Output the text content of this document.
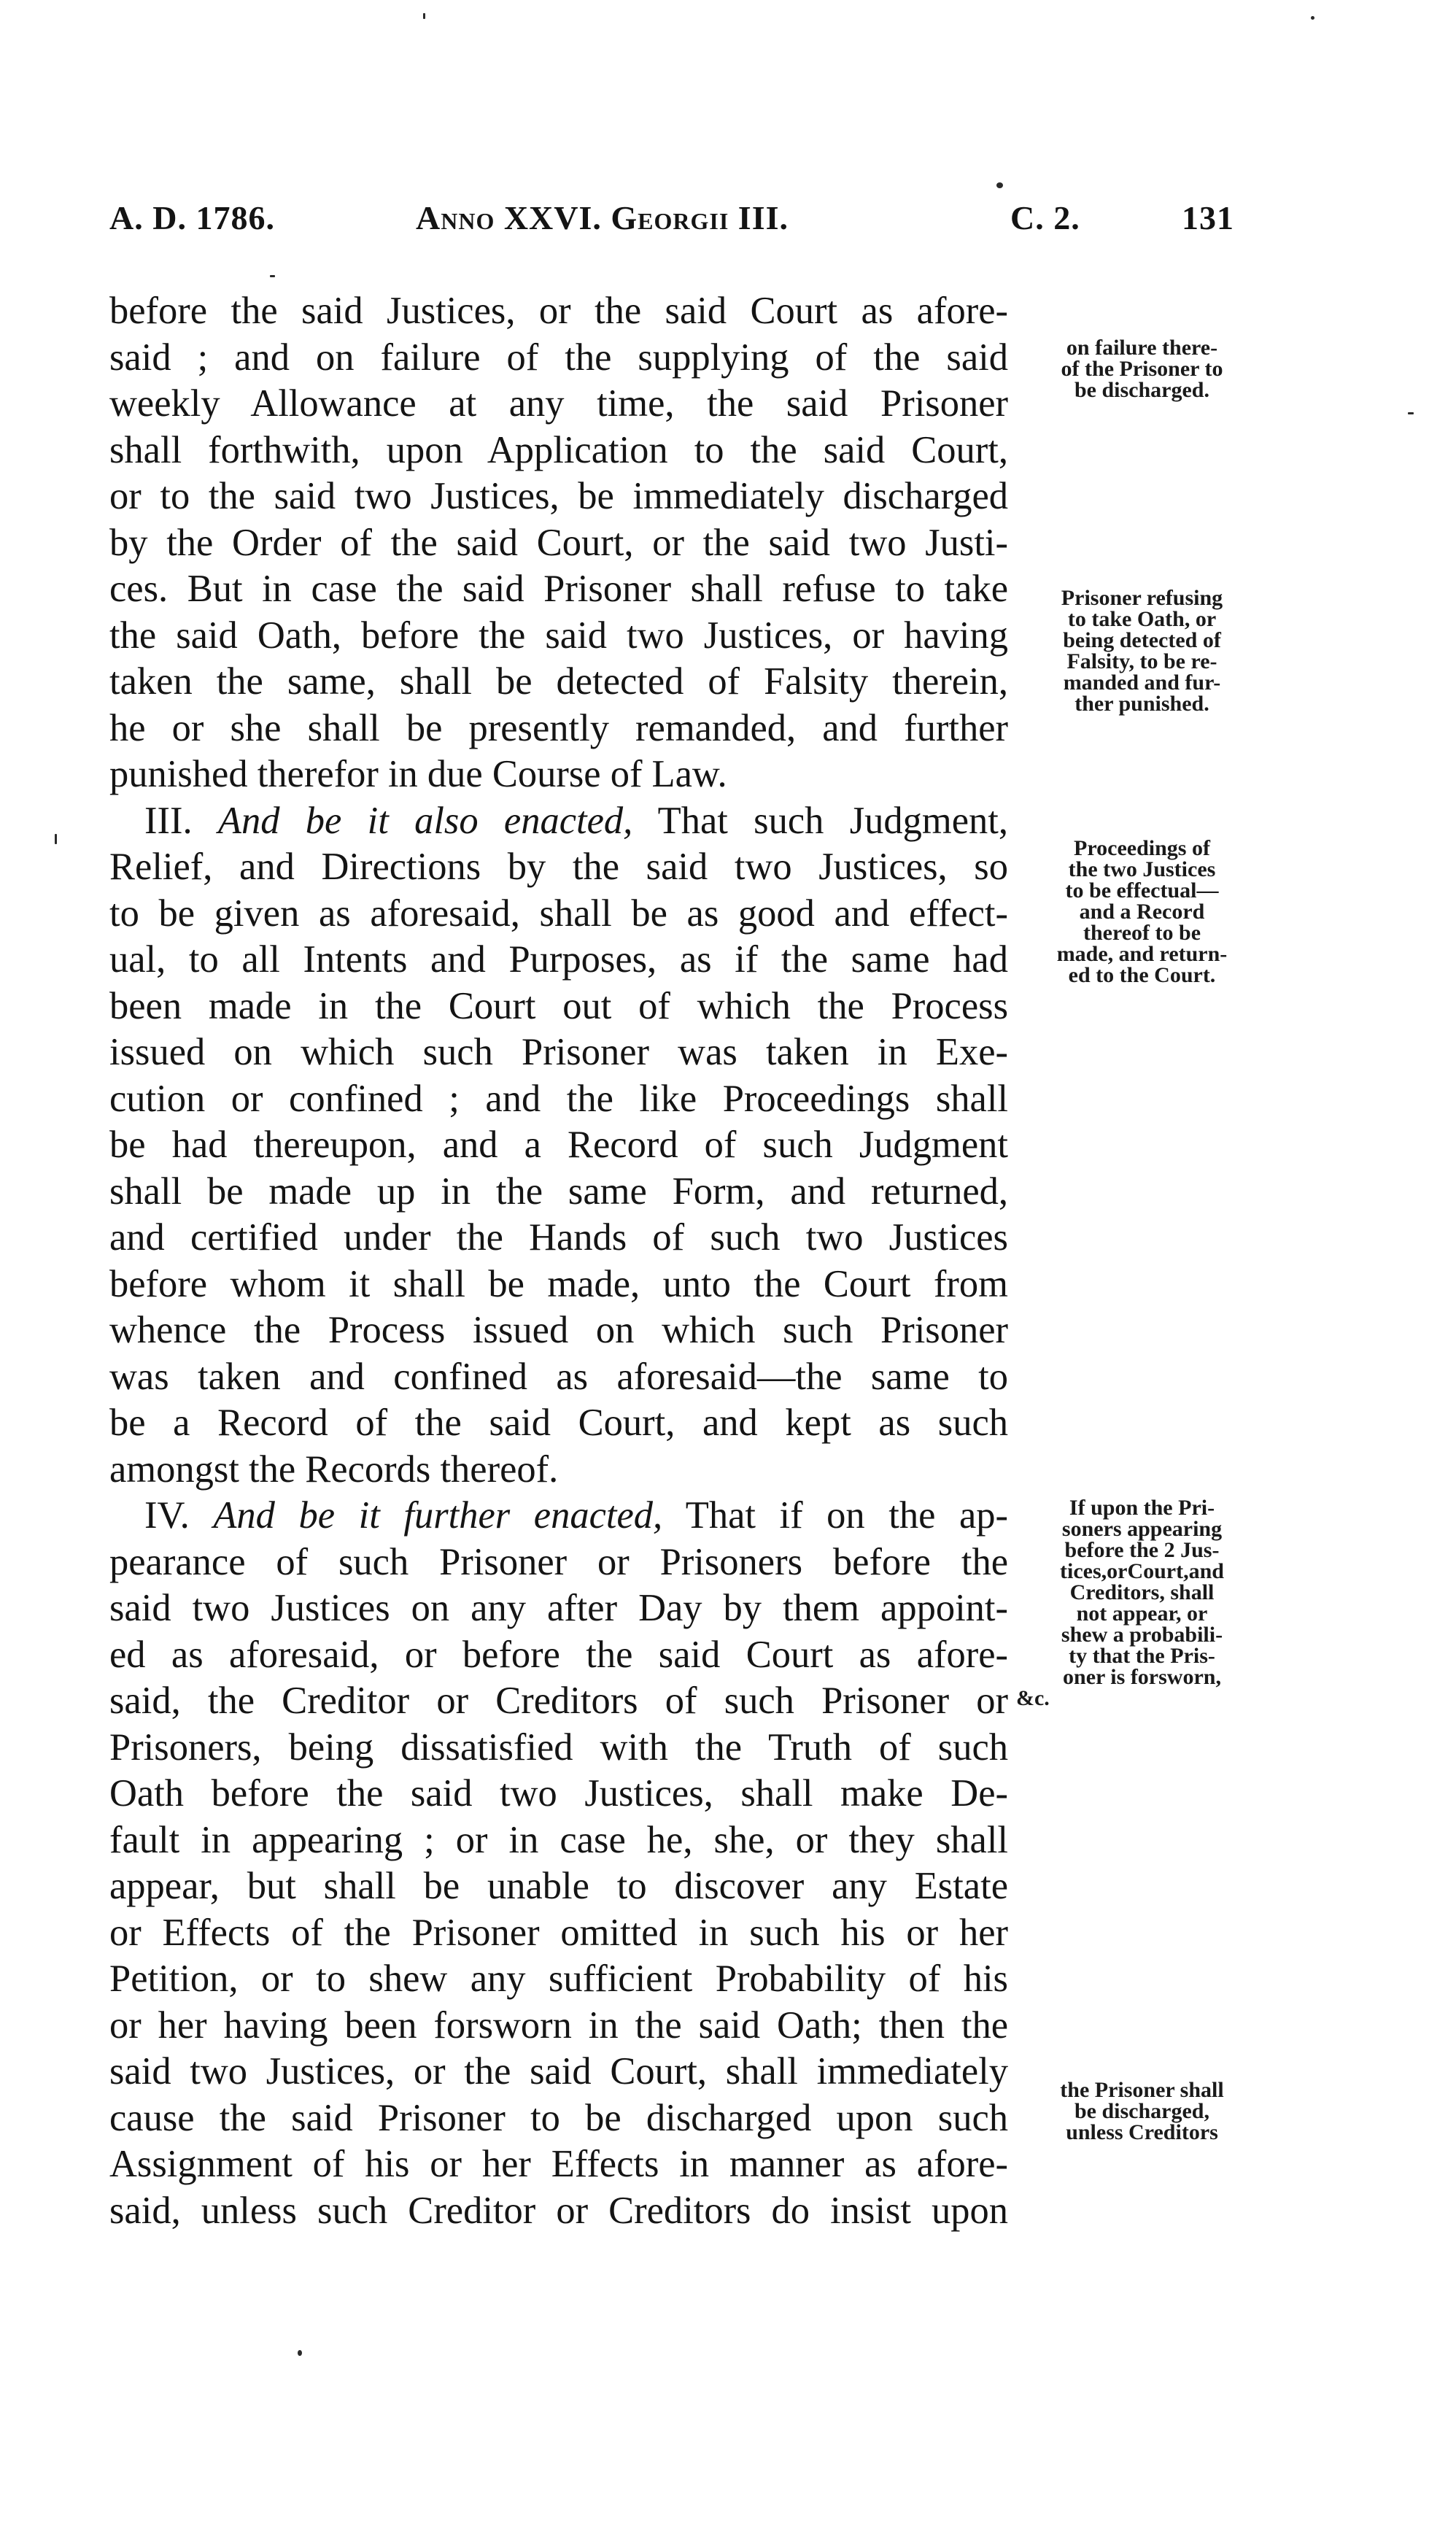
A. D. 1786.	Anno XXVI. Georgii III.	C. 2.	131
before the said Justices, or the said Court as afore-
said ; and on failure of the supplying of the said
weekly Allowance at any time, the said Prisoner
shall forthwith, upon Application to the said Court,
or to the said two Justices, be immediately discharged
by the Order of the said Court, or the said two Justi-
ces. But in case the said Prisoner shall refuse to take
the said Oath, before the said two Justices, or having
taken the same, shall be detected of Falsity therein,
he or she shall be presently remanded, and further
punished therefor in due Course of Law.
III. And be it also enacted, That such Judgment,
Relief, and Directions by the said two Justices, so
to be given as aforesaid, shall be as good and effect-
ual, to all Intents and Purposes, as if the same had
been made in the Court out of which the Process
issued on which such Prisoner was taken in Exe-
cution or confined ; and the like Proceedings shall
be had thereupon, and a Record of such Judgment
shall be made up in the same Form, and returned,
and certified under the Hands of such two Justices
before whom it shall be made, unto the Court from
whence the Process issued on which such Prisoner
was taken and confined as aforesaid—the same to
be a Record of the said Court, and kept as such
amongst the Records thereof.
IV. And be it further enacted, That if on the ap-
pearance of such Prisoner or Prisoners before the
said two Justices on any after Day by them appoint-
ed as aforesaid, or before the said Court as afore-
said, the Creditor or Creditors of such Prisoner or
Prisoners, being dissatisfied with the Truth of such
Oath before the said two Justices, shall make De-
fault in appearing ; or in case he, she, or they shall
appear, but shall be unable to discover any Estate
or Effects of the Prisoner omitted in such his or her
Petition, or to shew any sufficient Probability of his
or her having been forsworn in the said Oath; then the
said two Justices, or the said Court, shall immediately
cause the said Prisoner to be discharged upon such
Assignment of his or her Effects in manner as afore-
said, unless such Creditor or Creditors do insist upon
on failure there-
of the Prisoner to
be discharged.
Prisoner refusing
to take Oath, or
being detected of
Falsity, to be re-
manded and fur-
ther punished.
Proceedings of
the two Justices
to be effectual—
and a Record
thereof to be
made, and return-
ed to the Court.
If upon the Pri-
soners appearing
before the 2 Jus-
tices,orCourt,and
Creditors, shall
not appear, or
shew a probabili-
ty that the Pris-
oner is forsworn,
&c.
the Prisoner shall
be discharged,
unless Creditors
